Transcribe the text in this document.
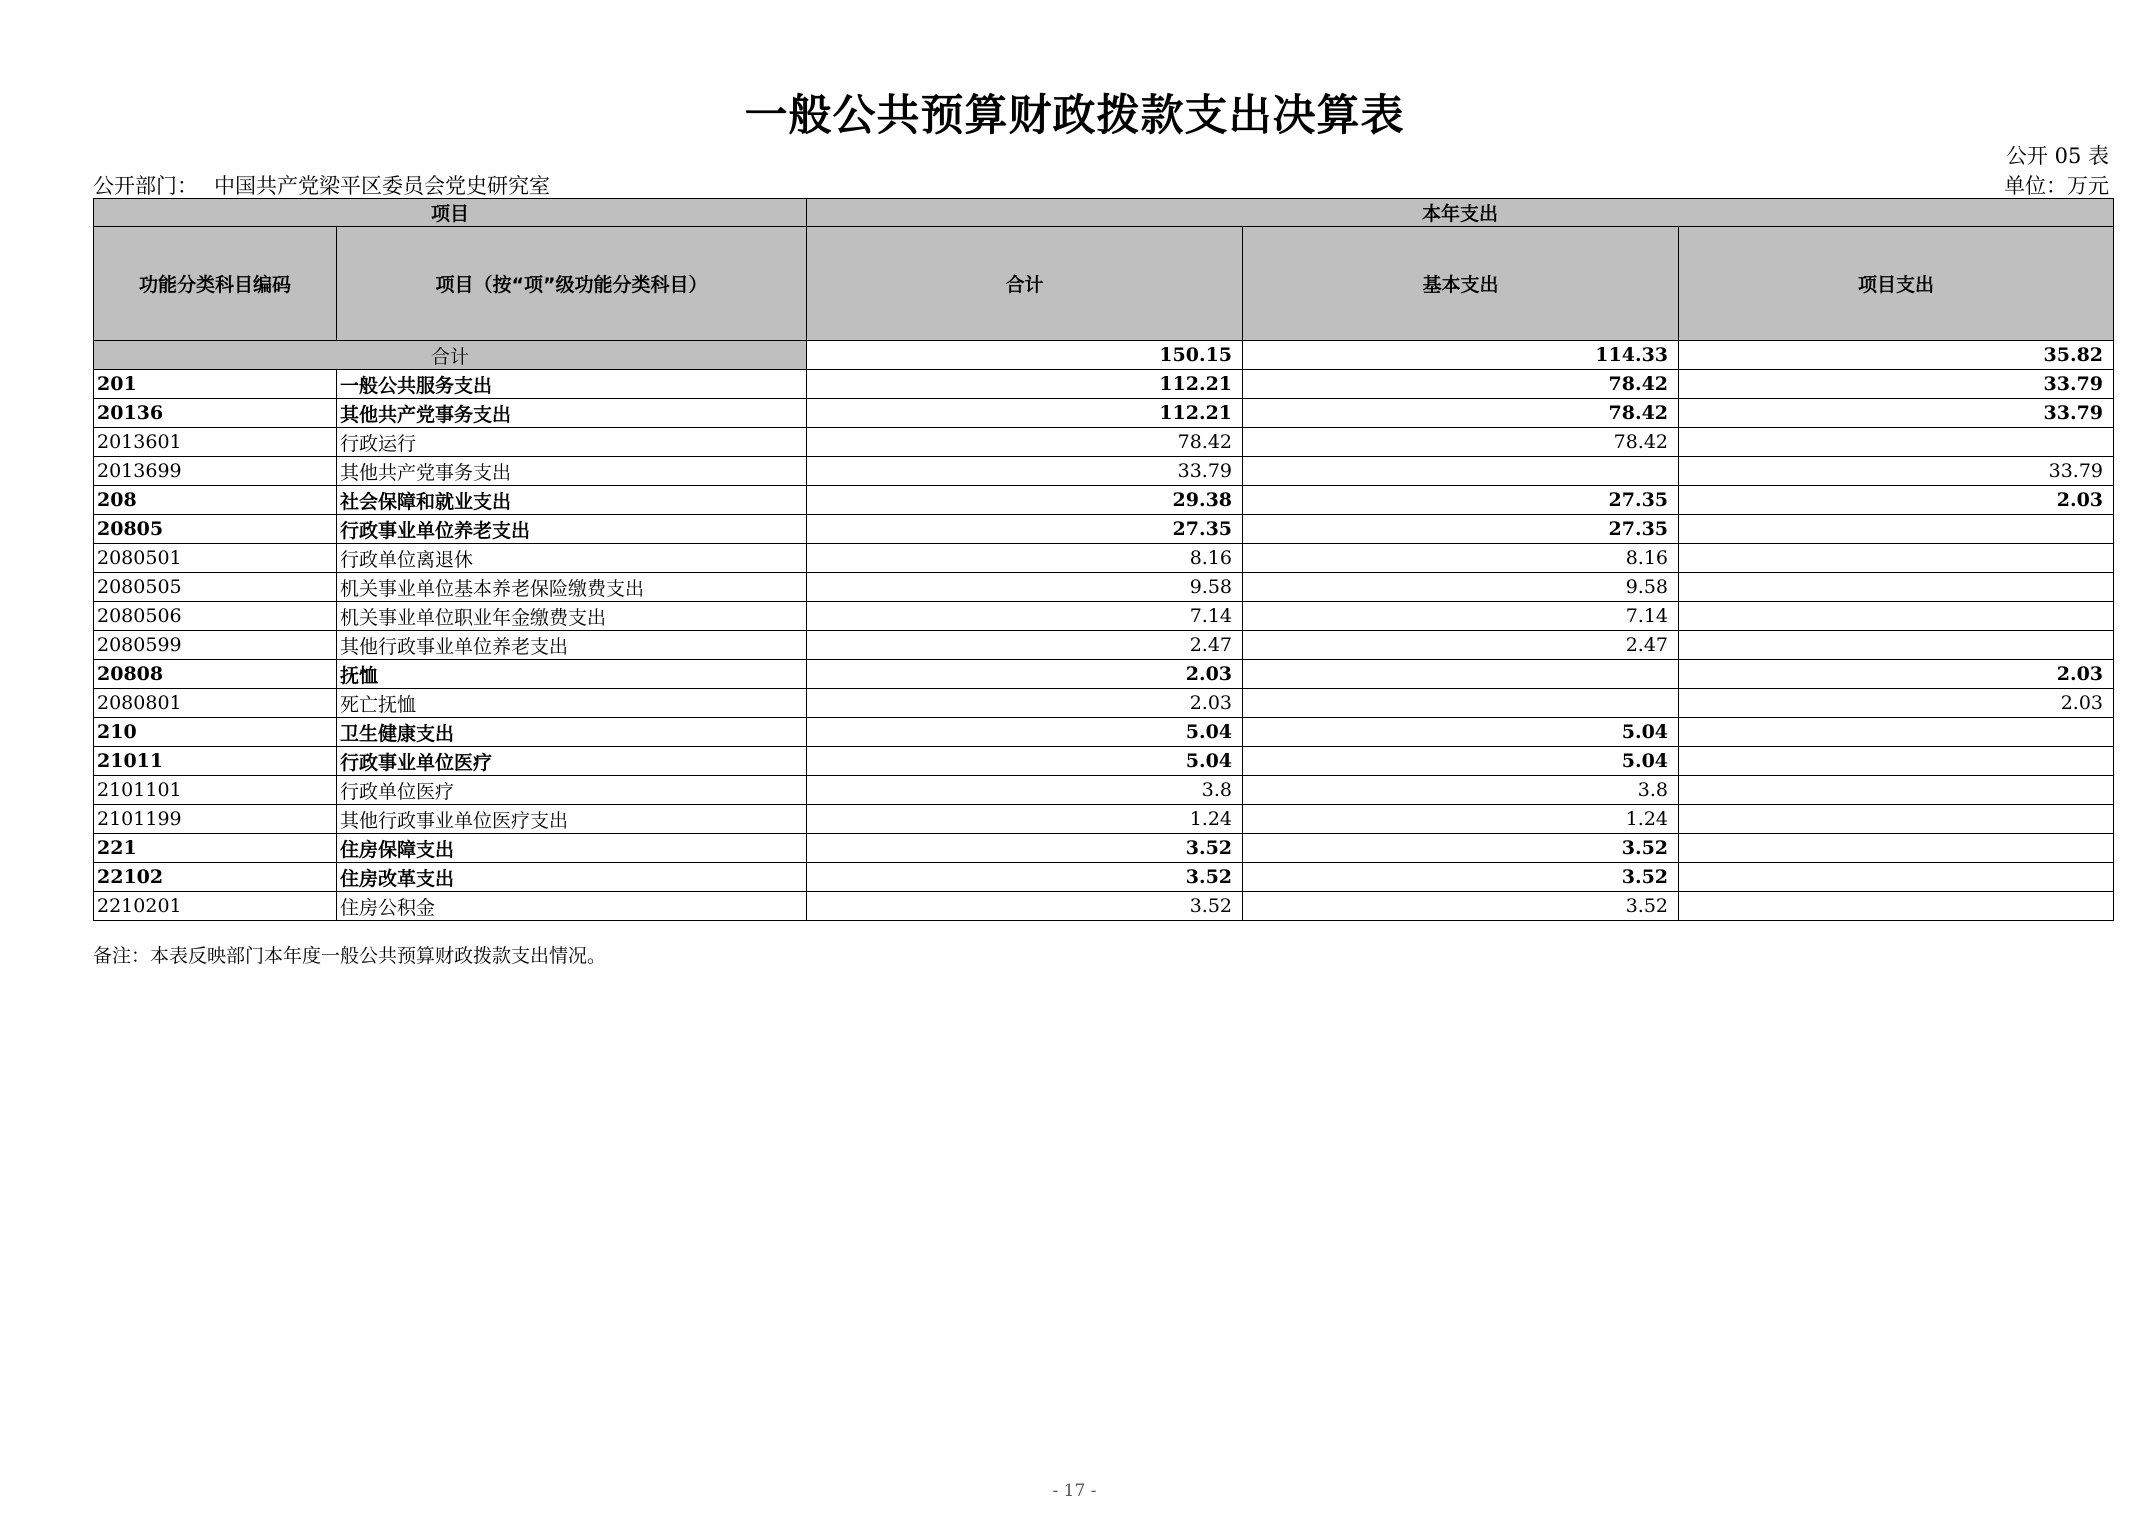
一般公共预算财政拨款支出决算表
公开 05 表
公开部门： 中国共产党梁平区委员会党史研究室	单位：万元
项目		本年支出		
功能分类科目编码	项目（按“项”级功能分类科目）	合计	基本支出	项目支出
合计		150.15	114.33	35.82
201	一般公共服务支出	112.21	78.42	33.79
20136	其他共产党事务支出	112.21	78.42	33.79
2013601	行政运行	78.42	78.42	
2013699	其他共产党事务支出	33.79		33.79
208	社会保障和就业支出	29.38	27.35	2.03
20805	行政事业单位养老支出	27.35	27.35	
2080501	行政单位离退休	8.16	8.16	
2080505	机关事业单位基本养老保险缴费支出	9.58	9.58	
2080506	机关事业单位职业年金缴费支出	7.14	7.14	
2080599	其他行政事业单位养老支出	2.47	2.47	
20808	抚恤	2.03		2.03
2080801	死亡抚恤	2.03		2.03
210	卫生健康支出	5.04	5.04	
21011	行政事业单位医疗	5.04	5.04	
2101101	行政单位医疗	3.8	3.8	
2101199	其他行政事业单位医疗支出	1.24	1.24	
221	住房保障支出	3.52	3.52	
22102	住房改革支出	3.52	3.52	
2210201	住房公积金	3.52	3.52	
备注：本表反映部门本年度一般公共预算财政拨款支出情况。
- 17 -
